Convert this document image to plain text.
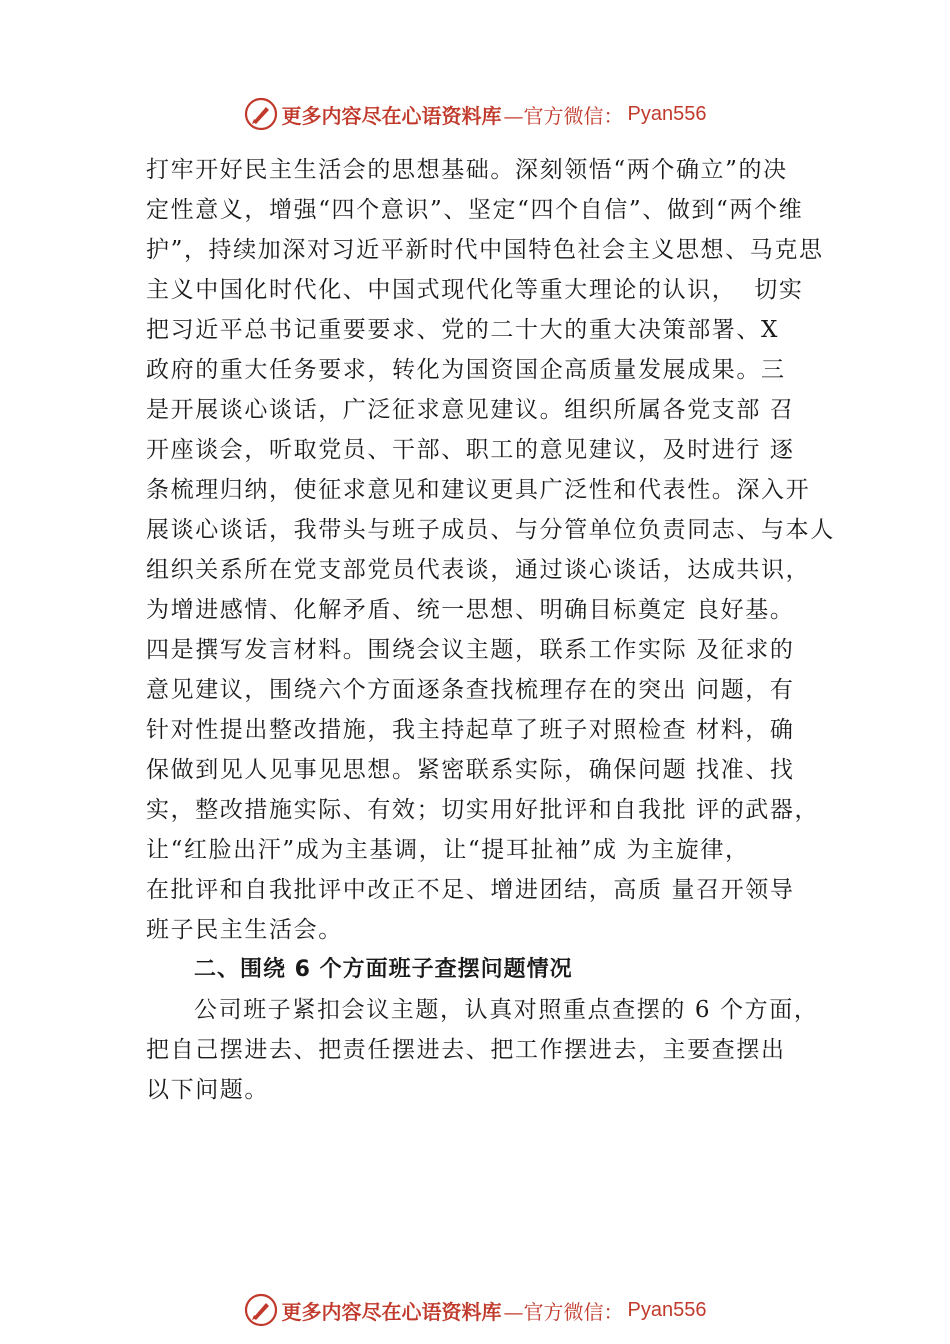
更多内容尽在心语资料库 —官方微信： Pyan556
打牢开好民主生活会的思想基础。深刻领悟“两个确立”的决
定性意义，增强“四个意识”、坚定“四个自信”、做到“两个维
护”，持续加深对习近平新时代中国特色社会主义思想、马克思
主义中国化时代化、中国式现代化等重大理论的认识，  切实
把习近平总书记重要要求、党的二十大的重大决策部署、X
政府的重大任务要求，转化为国资国企高质量发展成果。三
是开展谈心谈话，广泛征求意见建议。组织所属各党支部 召
开座谈会，听取党员、干部、职工的意见建议，及时进行 逐
条梳理归纳，使征求意见和建议更具广泛性和代表性。深入开
展谈心谈话，我带头与班子成员、与分管单位负责同志、与本人
组织关系所在党支部党员代表谈，通过谈心谈话，达成共识，
为增进感情、化解矛盾、统一思想、明确目标奠定 良好基。
四是撰写发言材料。围绕会议主题，联系工作实际 及征求的
意见建议，围绕六个方面逐条查找梳理存在的突出 问题，有
针对性提出整改措施，我主持起草了班子对照检查 材料，确
保做到见人见事见思想。紧密联系实际，确保问题 找准、找
实，整改措施实际、有效；切实用好批评和自我批 评的武器，
让“红脸出汗”成为主基调，让“提耳扯袖”成 为主旋律，
在批评和自我批评中改正不足、增进团结，高质 量召开领导
班子民主生活会。
二、围绕 6 个方面班子查摆问题情况
公司班子紧扣会议主题，认真对照重点查摆的 6 个方面，
把自己摆进去、把责任摆进去、把工作摆进去，主要查摆出
以下问题。
更多内容尽在心语资料库 —官方微信： Pyan556
